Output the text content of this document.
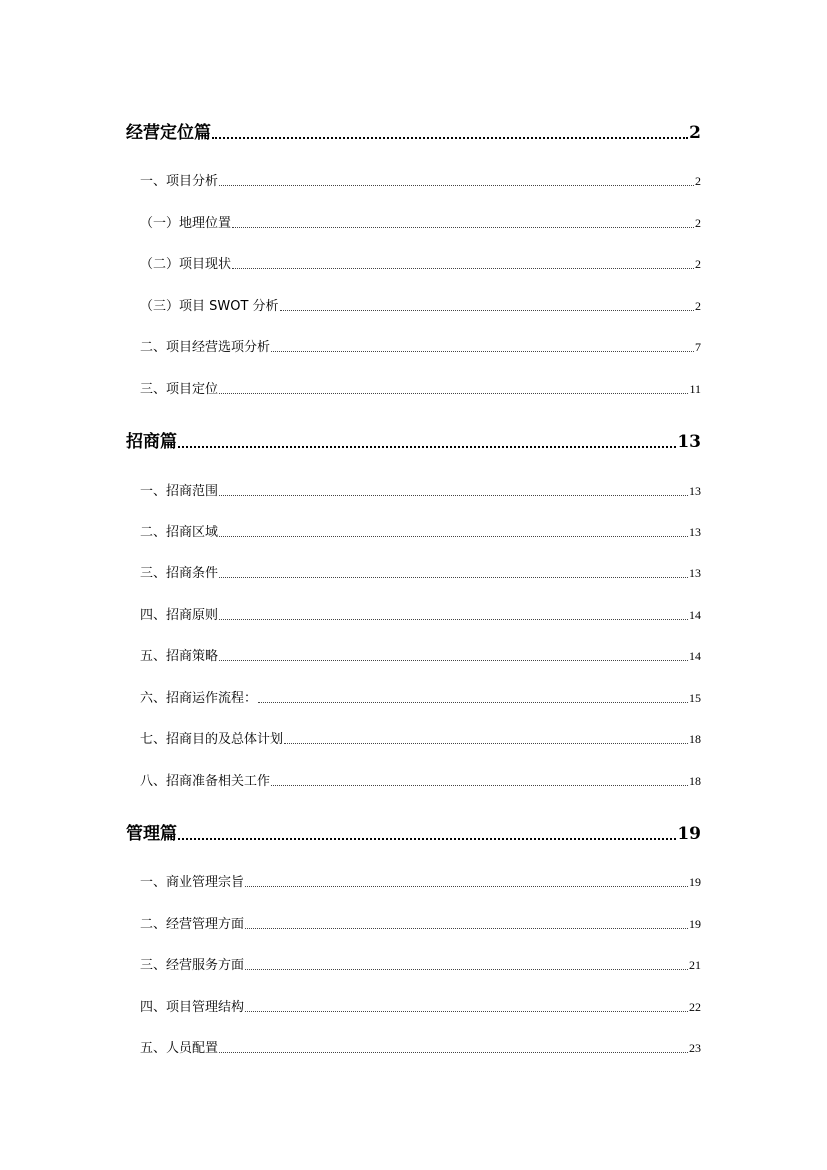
经营定位篇	2
一、项目分析	2
（一）地理位置	2
（二）项目现状	2
（三）项目 SWOT 分析	2
二、项目经营选项分析	7
三、项目定位	11
招商篇	13
一、招商范围	13
二、招商区域	13
三、招商条件	13
四、招商原则	14
五、招商策略	14
六、招商运作流程：	15
七、招商目的及总体计划	18
八、招商准备相关工作	18
管理篇	19
一、商业管理宗旨	19
二、经营管理方面	19
三、经营服务方面	21
四、项目管理结构	22
五、人员配置	23
